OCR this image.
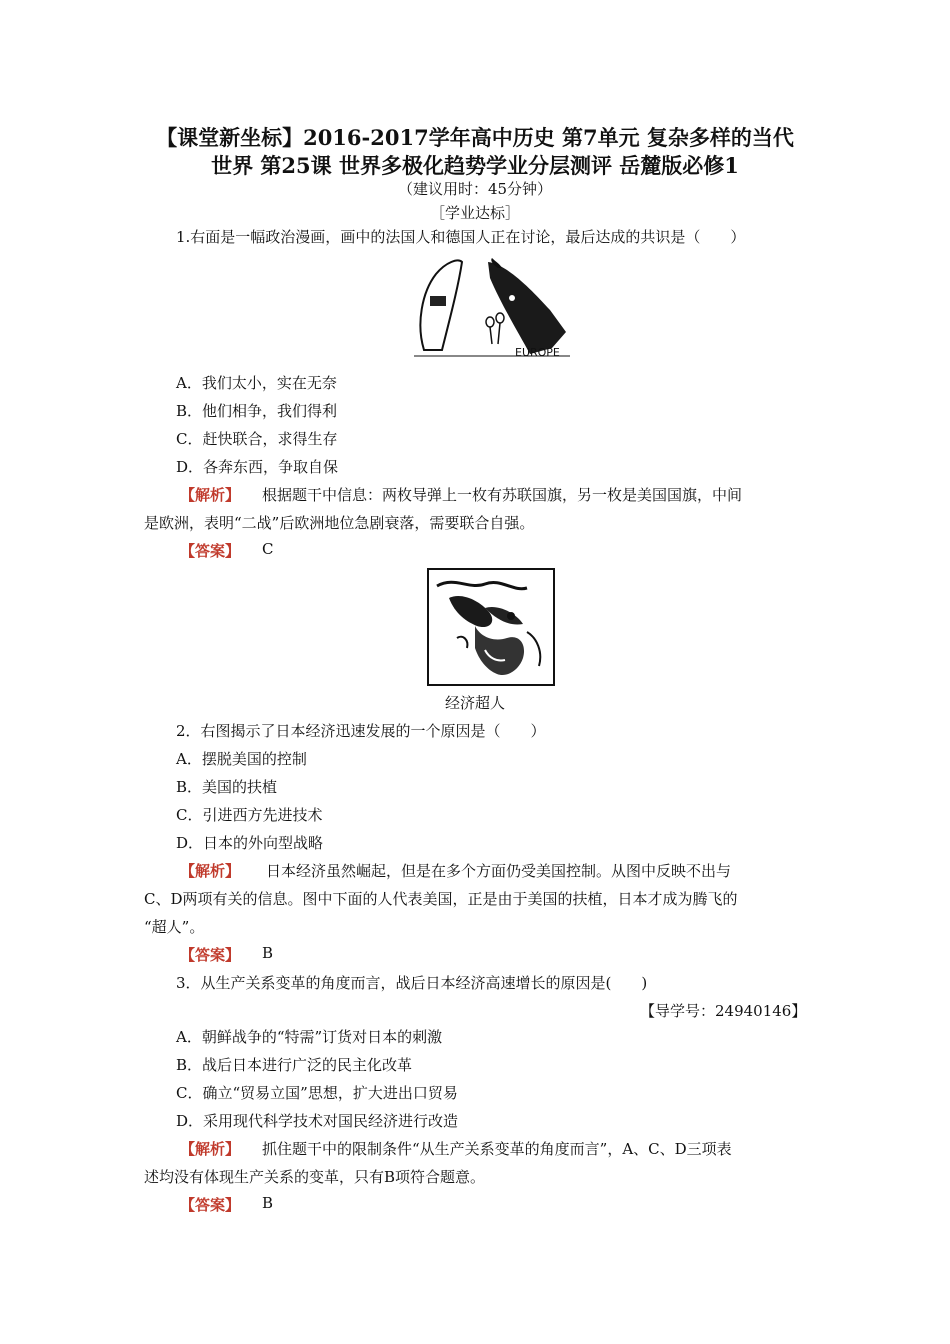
【课堂新坐标】2016-2017学年高中历史 第7单元 复杂多样的当代
世界 第25课 世界多极化趋势学业分层测评 岳麓版必修1
（建议用时：45分钟）
［学业达标］
1.右面是一幅政治漫画，画中的法国人和德国人正在讨论，最后达成的共识是（　　）
EUROPE
A．我们太小，实在无奈
B．他们相争，我们得利
C．赶快联合，求得生存
D．各奔东西，争取自保
【解析】 根据题干中信息：两枚导弹上一枚有苏联国旗，另一枚是美国国旗，中间
是欧洲，表明“二战”后欧洲地位急剧衰落，需要联合自强。
【答案】 C
经济超人
2．右图揭示了日本经济迅速发展的一个原因是（　　）
A．摆脱美国的控制
B．美国的扶植
C．引进西方先进技术
D．日本的外向型战略
【解析】 日本经济虽然崛起，但是在多个方面仍受美国控制。从图中反映不出与
C、D两项有关的信息。图中下面的人代表美国，正是由于美国的扶植，日本才成为腾飞的
“超人”。
【答案】 B
3．从生产关系变革的角度而言，战后日本经济高速增长的原因是(　　)
【导学号：24940146】
A．朝鲜战争的“特需”订货对日本的刺激
B．战后日本进行广泛的民主化改革
C．确立“贸易立国”思想，扩大进出口贸易
D．采用现代科学技术对国民经济进行改造
【解析】 抓住题干中的限制条件“从生产关系变革的角度而言”，A、C、D三项表
述均没有体现生产关系的变革，只有B项符合题意。
【答案】 B
